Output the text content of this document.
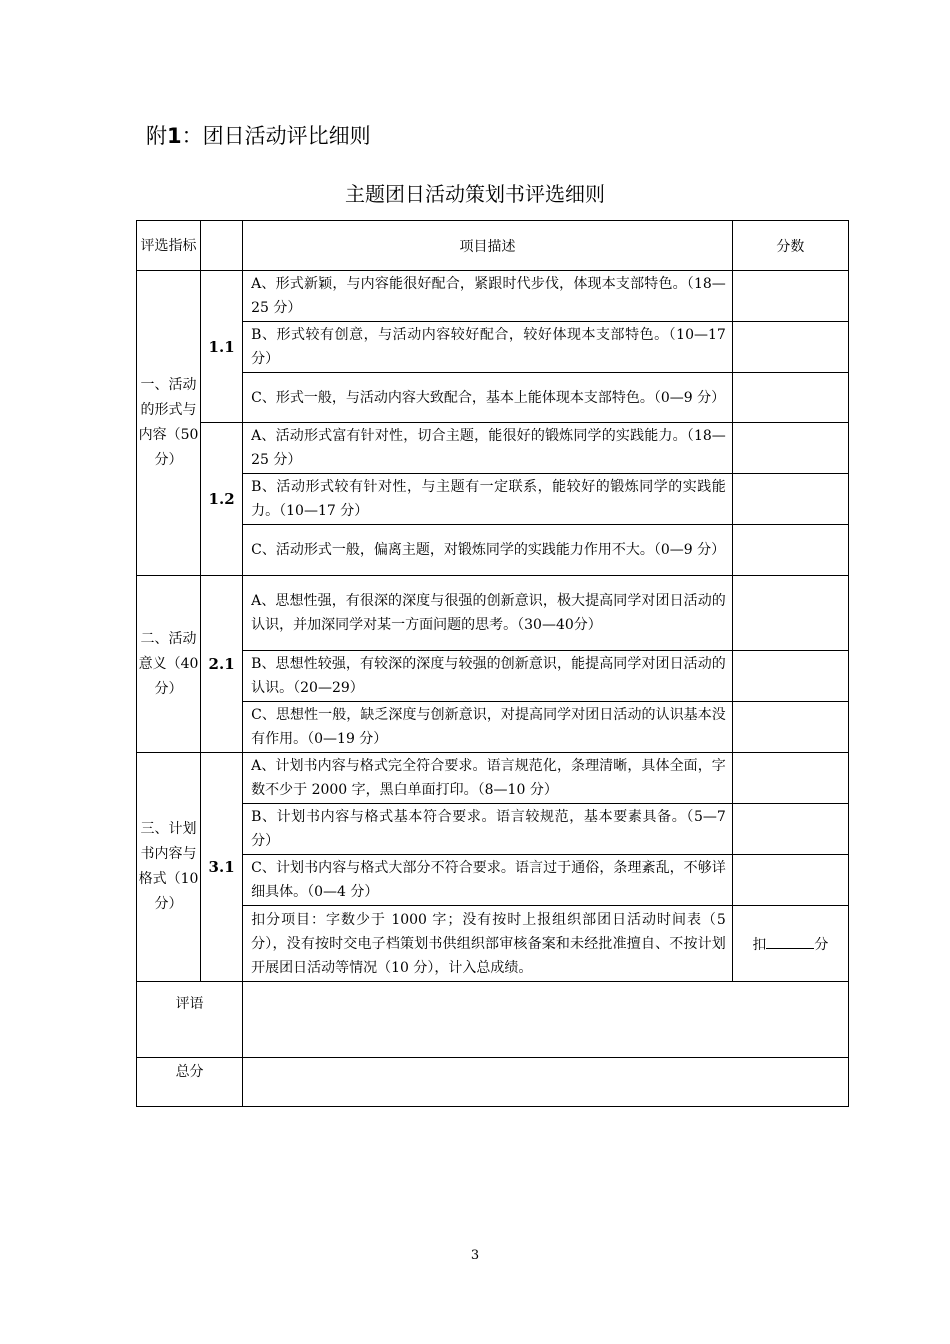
附1：团日活动评比细则
主题团日活动策划书评选细则
评选指标		项目描述	分数
一、活动的形式与内容（50分）	1.1	A、形式新颖，与内容能很好配合，紧跟时代步伐，体现本支部特色。（18—25 分）	
		B、形式较有创意，与活动内容较好配合，较好体现本支部特色。（10—17 分）	
		C、形式一般，与活动内容大致配合，基本上能体现本支部特色。（0—9 分）	
	1.2	A、活动形式富有针对性，切合主题，能很好的锻炼同学的实践能力。（18—25 分）	
		B、活动形式较有针对性，与主题有一定联系，能较好的锻炼同学的实践能力。（10—17 分）	
		C、活动形式一般，偏离主题，对锻炼同学的实践能力作用不大。（0—9 分）	
二、活动意义（40分）	2.1	A、思想性强，有很深的深度与很强的创新意识，极大提高同学对团日活动的认识，并加深同学对某一方面问题的思考。（30—40分）	
		B、思想性较强，有较深的深度与较强的创新意识，能提高同学对团日活动的认识。（20—29）	
		C、思想性一般，缺乏深度与创新意识，对提高同学对团日活动的认识基本没有作用。（0—19 分）	
三、计划书内容与格式（10分）	3.1	A、计划书内容与格式完全符合要求。语言规范化，条理清晰，具体全面，字数不少于 2000 字，黑白单面打印。（8—10 分）	
		B、计划书内容与格式基本符合要求。语言较规范，基本要素具备。（5—7 分）	
		C、计划书内容与格式大部分不符合要求。语言过于通俗，条理紊乱，不够详细具体。（0—4 分）	
		扣分项目：字数少于 1000 字；没有按时上报组织部团日活动时间表（5 分），没有按时交电子档策划书供组织部审核备案和未经批准擅自、不按计划开展团日活动等情况（10 分），计入总成绩。	扣 分
评语			
总分			
3
